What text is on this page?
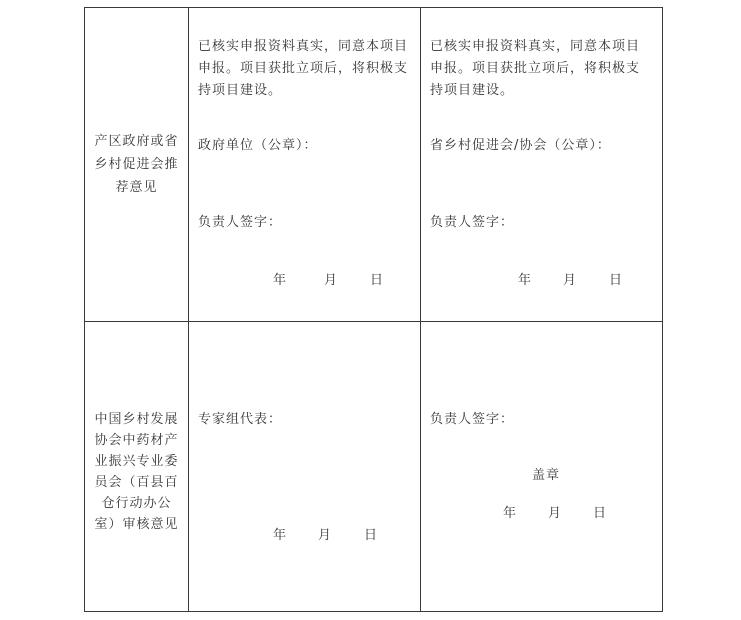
产区政府或省
乡村促进会推
荐意见
已核实申报资料真实，同意本项目
申报。项目获批立项后，将积极支
持项目建设。
政府单位（公章）：
负责人签字：
年	月 日
已核实申报资料真实，同意本项目
申报。项目获批立项后，将积极支
持项目建设。
省乡村促进会/协会（公章）：
负责人签字：
年 月 日
中国乡村发展
协会中药材产
业振兴专业委
员会（百县百
仓行动办公
室）审核意见
专家组代表：
年 月 日
负责人签字：
盖章
年 月 日
